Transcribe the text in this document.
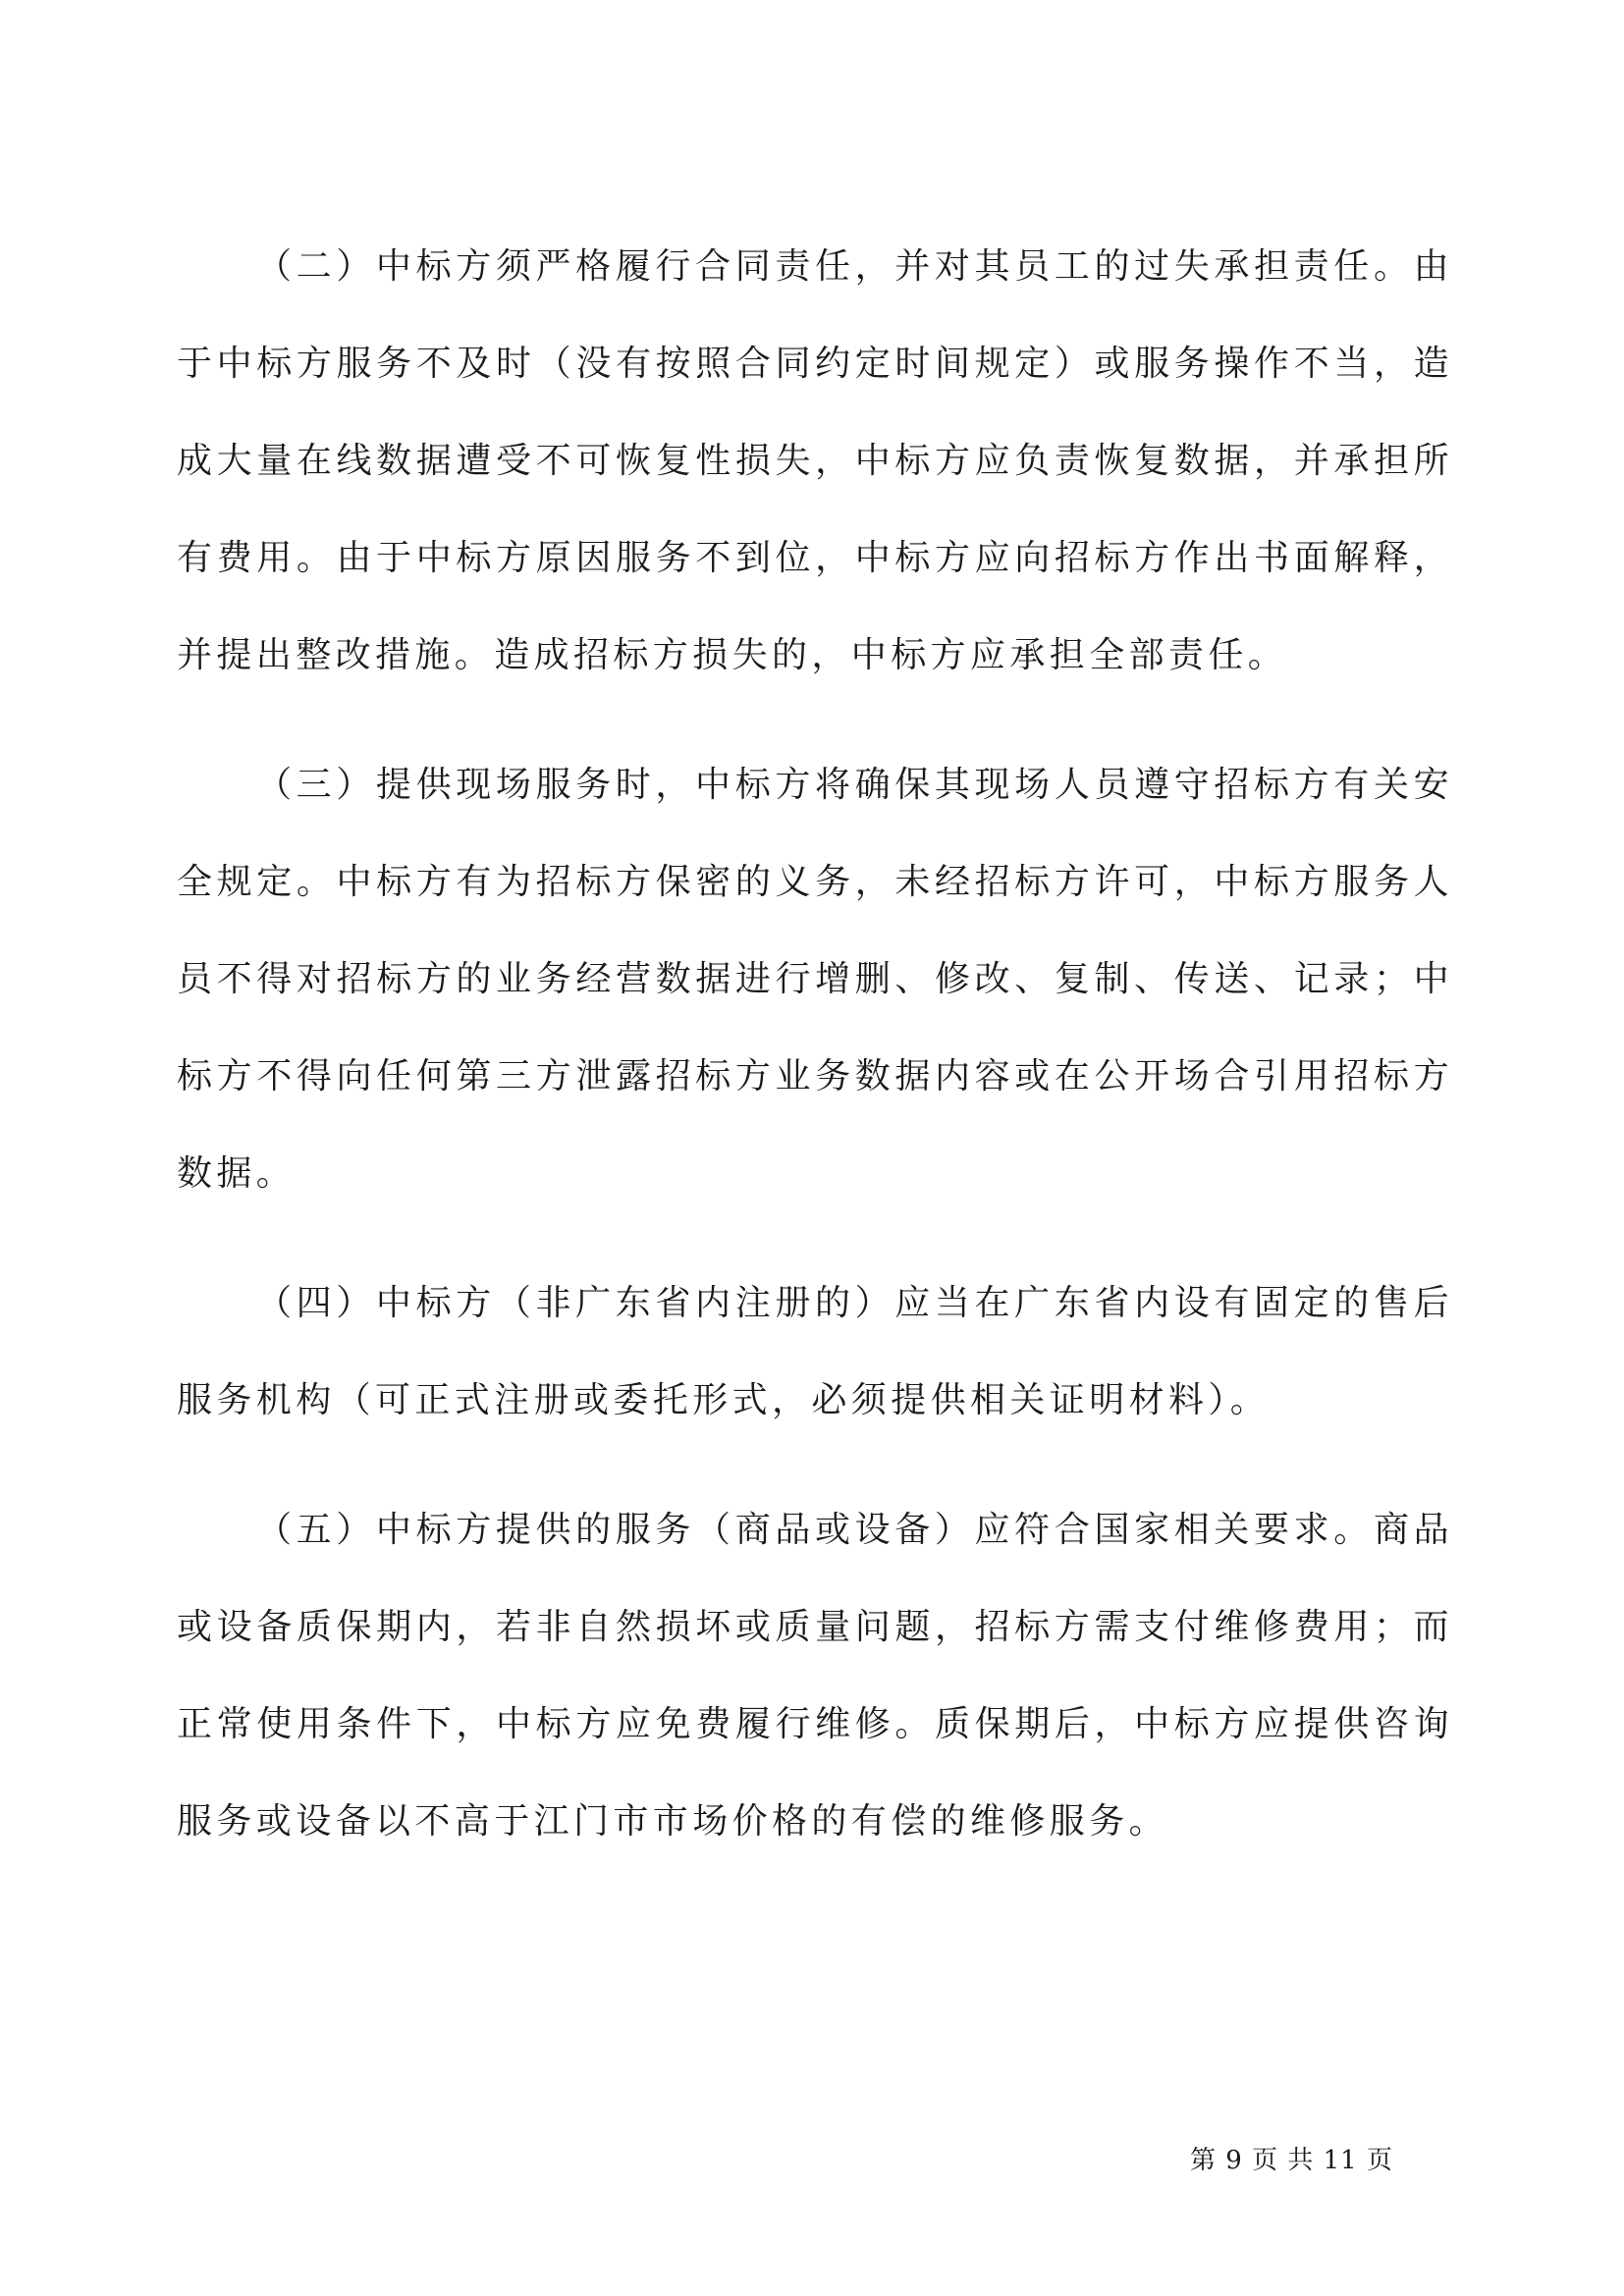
（二）中标方须严格履行合同责任，并对其员工的过失承担责任。由于中标方服务不及时（没有按照合同约定时间规定）或服务操作不当，造成大量在线数据遭受不可恢复性损失，中标方应负责恢复数据，并承担所有费用。由于中标方原因服务不到位，中标方应向招标方作出书面解释，并提出整改措施。造成招标方损失的，中标方应承担全部责任。

（三）提供现场服务时，中标方将确保其现场人员遵守招标方有关安全规定。中标方有为招标方保密的义务，未经招标方许可，中标方服务人员不得对招标方的业务经营数据进行增删、修改、复制、传送、记录；中标方不得向任何第三方泄露招标方业务数据内容或在公开场合引用招标方数据。

（四）中标方（非广东省内注册的）应当在广东省内设有固定的售后服务机构（可正式注册或委托形式，必须提供相关证明材料）。

（五）中标方提供的服务（商品或设备）应符合国家相关要求。商品或设备质保期内，若非自然损坏或质量问题，招标方需支付维修费用；而正常使用条件下，中标方应免费履行维修。质保期后，中标方应提供咨询服务或设备以不高于江门市市场价格的有偿的维修服务。

第 9 页 共 11 页
